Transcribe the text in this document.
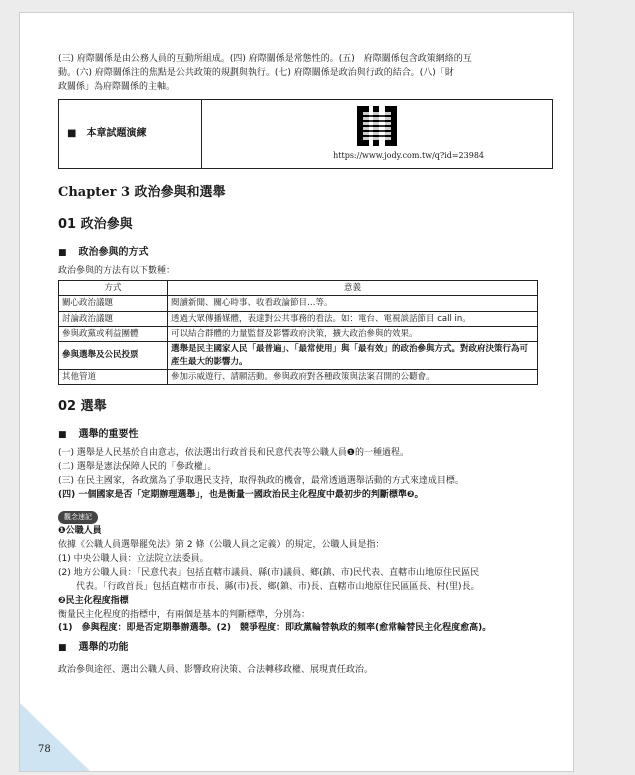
78

(三) 府際關係是由公務人員的互動所組成。(四) 府際關係是常態性的。(五)　府際關係包含政策網絡的互

動。(六) 府際關係注的焦點是公共政策的規劃與執行。(七) 府際關係是政治與行政的結合。(八)「財

政關係」為府際關係的主軸。

■ 本章試題演練
https://www.jody.com.tw/q?id=23984
Chapter 3 政治參與和選舉
01 政治參與
■ 政治參與的方式
政治參與的方法有以下數種：
方式	意義
關心政治議題	閱讀新聞、關心時事、收看政論節目…等。
討論政治議題	透過大眾傳播媒體，表達對公共事務的看法。如：電台、電視談話節目 call in。
參與政黨或利益團體	可以結合群體的力量監督及影響政府決策，擴大政治參與的效果。
參與選舉及公民投票	選舉是民主國家人民「最普遍」、「最常使用」與「最有效」的政治參與方式。對政府決策行為可產生最大的影響力。
其他管道	參加示威遊行、請願活動。參與政府對各種政策與法案召開的公聽會。
02 選舉
■ 選舉的重要性

(一) 選舉是人民基於自由意志，依法選出行政首長和民意代表等公職人員❶的一種過程。

(二) 選舉是憲法保障人民的「參政權」。

(三) 在民主國家，各政黨為了爭取選民支持，取得執政的機會，最常透過選舉活動的方式來達成目標。

(四) 一個國家是否「定期辦理選舉」，也是衡量一國政治民主化程度中最初步的判斷標準❷。

觀念速記

❶公職人員

依據《公職人員選舉罷免法》第 2 條（公職人員之定義）的規定，公職人員是指：

(1) 中央公職人員：立法院立法委員。

(2) 地方公職人員：「民意代表」包括直轄市議員、縣(市)議員、鄉(鎮、市)民代表、直轄市山地原住民區民

　　代表。「行政首長」包括直轄市市長、縣(市)長、鄉(鎮、市)長、直轄市山地原住民區區長、村(里)長。

❷民主化程度指標

衡量民主化程度的指標中，有兩個是基本的判斷標準，分別為：

(1)　參與程度：即是否定期舉辦選舉。(2)　競爭程度：即政黨輪替執政的頻率(愈常輪替民主化程度愈高)。

■ 選舉的功能
政治參與途徑、選出公職人員、影響政府決策、合法轉移政權、展現責任政治。
